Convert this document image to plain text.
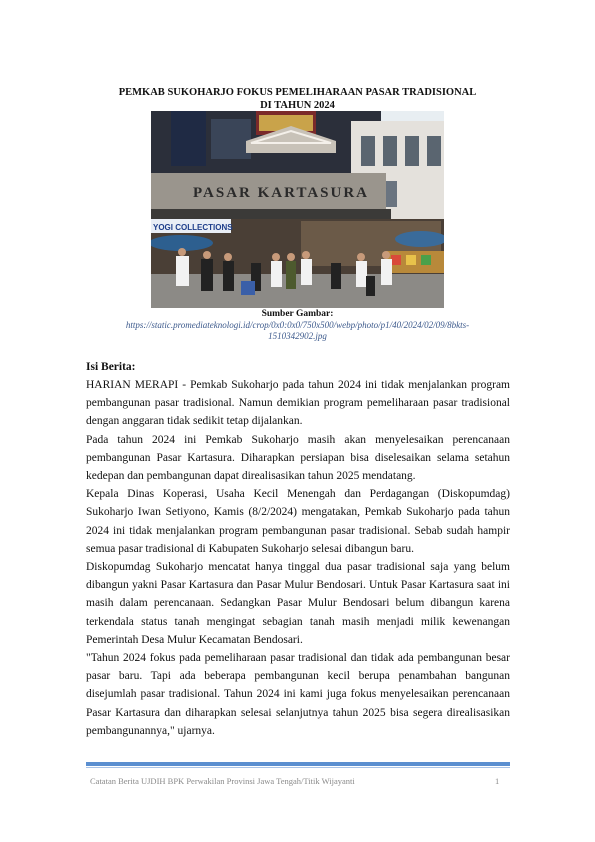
PEMKAB SUKOHARJO FOKUS PEMELIHARAAN PASAR TRADISIONAL
DI TAHUN 2024
PASAR KARTASURA
YOGI COLLECTIONS
Sumber Gambar:
https://static.promediateknologi.id/crop/0x0:0x0/750x500/webp/photo/p1/40/2024/02/09/8bkts-1510342902.jpg
Isi Berita:

HARIAN MERAPI - Pemkab Sukoharjo pada tahun 2024 ini tidak menjalankan program pembangunan pasar tradisional. Namun demikian program pemeliharaan pasar tradisional dengan anggaran tidak sedikit tetap dijalankan.

Pada tahun 2024 ini Pemkab Sukoharjo masih akan menyelesaikan perencanaan pembangunan Pasar Kartasura. Diharapkan persiapan bisa diselesaikan selama setahun kedepan dan pembangunan dapat direalisasikan tahun 2025 mendatang.

Kepala Dinas Koperasi, Usaha Kecil Menengah dan Perdagangan (Diskopumdag) Sukoharjo Iwan Setiyono, Kamis (8/2/2024) mengatakan, Pemkab Sukoharjo pada tahun 2024 ini tidak menjalankan program pembangunan pasar tradisional. Sebab sudah hampir semua pasar tradisional di Kabupaten Sukoharjo selesai dibangun baru.

Diskopumdag Sukoharjo mencatat hanya tinggal dua pasar tradisional saja yang belum dibangun yakni Pasar Kartasura dan Pasar Mulur Bendosari. Untuk Pasar Kartasura saat ini masih dalam perencanaan. Sedangkan Pasar Mulur Bendosari belum dibangun karena terkendala status tanah mengingat sebagian tanah masih menjadi milik kewenangan Pemerintah Desa Mulur Kecamatan Bendosari.

"Tahun 2024 fokus pada pemeliharaan pasar tradisional dan tidak ada pembangunan besar pasar baru. Tapi ada beberapa pembangunan kecil berupa penambahan bangunan disejumlah pasar tradisional. Tahun 2024 ini kami juga fokus menyelesaikan perencanaan Pasar Kartasura dan diharapkan selesai selanjutnya tahun 2025 bisa segera direalisasikan pembangunannya," ujarnya.

Catatan Berita UJDIH BPK Perwakilan Provinsi Jawa Tengah/Titik Wijayanti	1
